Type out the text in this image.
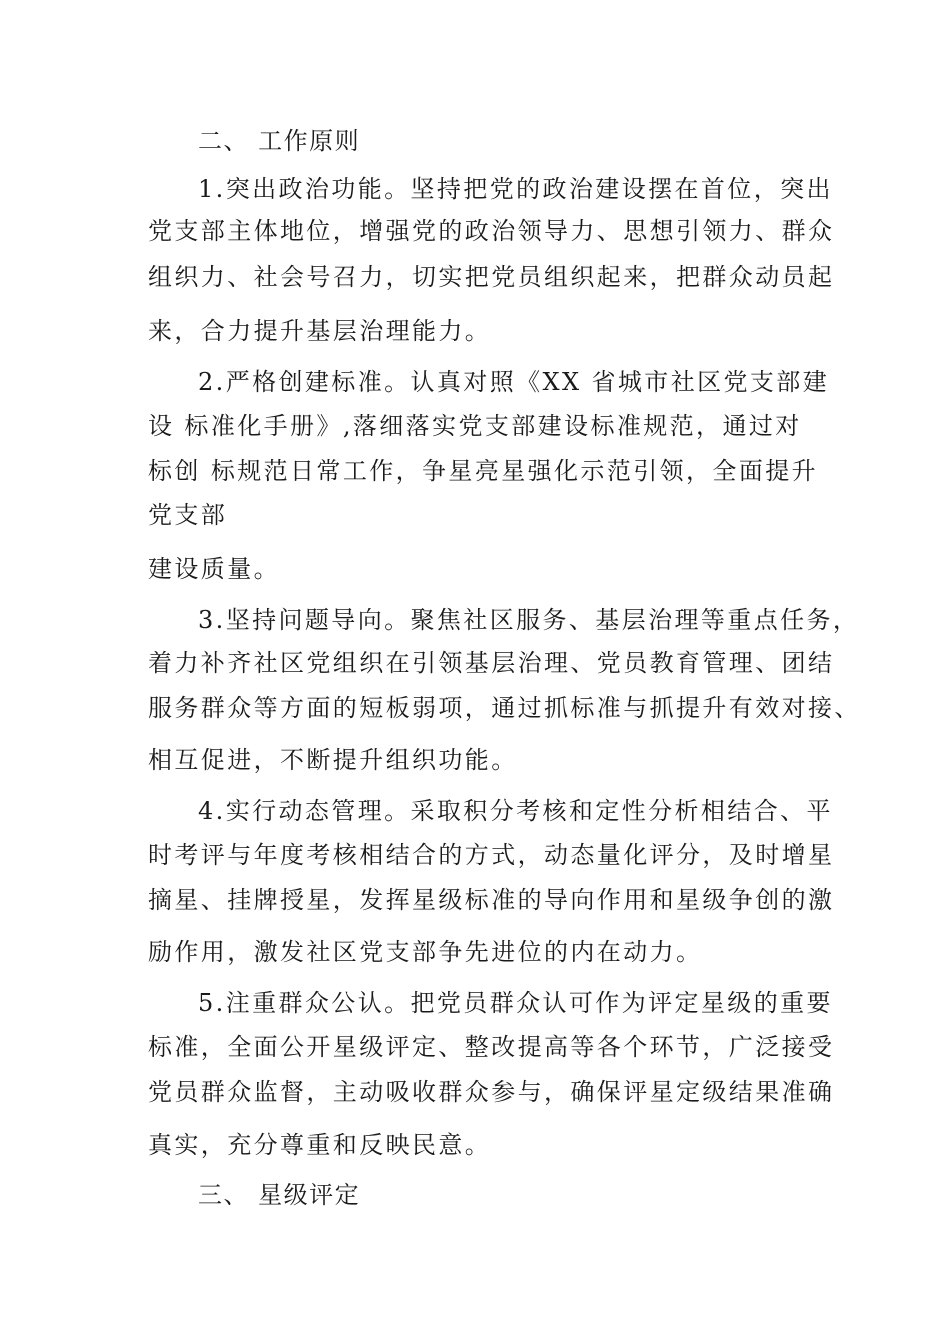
二、 工作原则
1.突出政治功能。坚持把党的政治建设摆在首位，突出
党支部主体地位，增强党的政治领导力、思想引领力、群众
组织力、社会号召力，切实把党员组织起来，把群众动员起
来，合力提升基层治理能力。
2.严格创建标准。认真对照《XX 省城市社区党支部建
设 标准化手册》,落细落实党支部建设标准规范，通过对
标创 标规范日常工作，争星亮星强化示范引领，全面提升
党支部
建设质量。
3.坚持问题导向。聚焦社区服务、基层治理等重点任务，
着力补齐社区党组织在引领基层治理、党员教育管理、团结
服务群众等方面的短板弱项，通过抓标准与抓提升有效对接、
相互促进，不断提升组织功能。
4.实行动态管理。采取积分考核和定性分析相结合、平
时考评与年度考核相结合的方式，动态量化评分，及时增星
摘星、挂牌授星，发挥星级标准的导向作用和星级争创的激
励作用，激发社区党支部争先进位的内在动力。
5.注重群众公认。把党员群众认可作为评定星级的重要
标准，全面公开星级评定、整改提高等各个环节，广泛接受
党员群众监督，主动吸收群众参与，确保评星定级结果准确
真实，充分尊重和反映民意。
三、 星级评定
